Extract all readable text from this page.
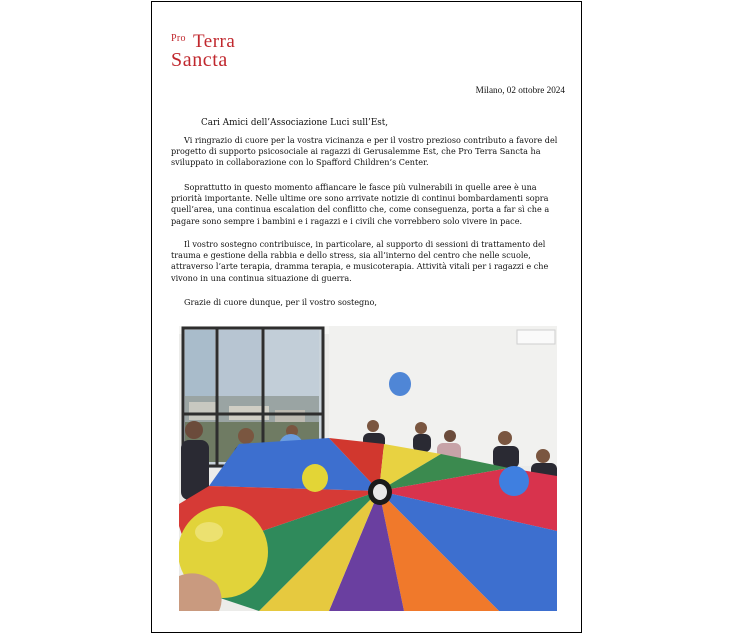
Pro Terra
Sancta
Milano, 02 ottobre 2024
Cari Amici dell’Associazione Luci sull’Est,
Vi ringrazio di cuore per la vostra vicinanza e per il vostro prezioso contributo a favore del progetto di supporto psicosociale ai ragazzi di Gerusalemme Est, che Pro Terra Sancta ha sviluppato in collaborazione con lo Spafford Children’s Center.
Soprattutto in questo momento affiancare le fasce più vulnerabili in quelle aree è una priorità importante. Nelle ultime ore sono arrivate notizie di continui bombardamenti sopra quell’area, una continua escalation del conflitto che, come conseguenza, porta a far sì che a pagare sono sempre i bambini e i ragazzi e i civili che vorrebbero solo vivere in pace.
Il vostro sostegno contribuisce, in particolare, al supporto di sessioni di trattamento del trauma e gestione della rabbia e dello stress, sia all’interno del centro che nelle scuole, attraverso l’arte terapia, dramma terapia, e musicoterapia. Attività vitali per i ragazzi e che vivono in una continua situazione di guerra.
Grazie di cuore dunque, per il vostro sostegno,
